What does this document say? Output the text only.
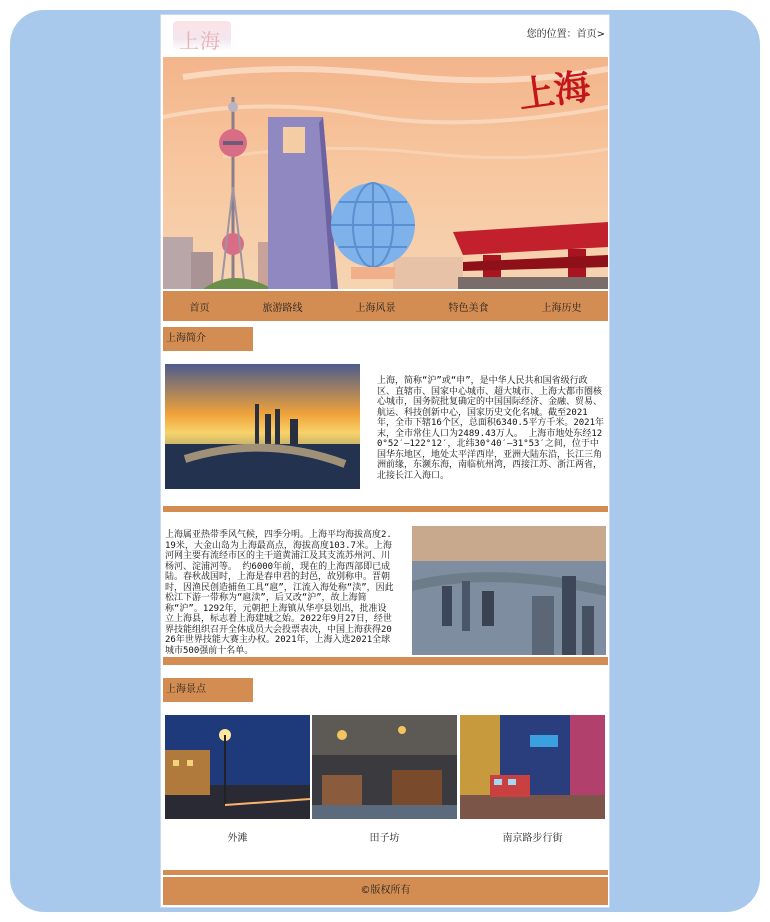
上海	您的位置：首页>
上海
首页	旅游路线	上海风景	特色美食	上海历史
上海简介
上海，简称“沪”或“申”，是中华人民共和国省级行政区、直辖市、国家中心城市、超大城市、上海大都市圈核心城市，国务院批复确定的中国国际经济、金融、贸易、航运、科技创新中心，国家历史文化名城。截至2021年，全市下辖16个区，总面积6340.5平方千米。2021年末，全市常住人口为2489.43万人。 上海市地处东经120°52′—122°12′，北纬30°40′—31°53′之间，位于中国华东地区，地处太平洋西岸，亚洲大陆东沿，长江三角洲前缘，东濒东海，南临杭州湾，西接江苏、浙江两省，北接长江入海口。
上海属亚热带季风气候，四季分明。上海平均海拔高度2.19米，大金山岛为上海最高点，海拔高度103.7米。上海河网主要有流经市区的主干道黄浦江及其支流苏州河、川杨河、淀浦河等。 约6000年前，现在的上海西部即已成陆。春秋战国时，上海是春申君的封邑，故别称申。晋朝时，因渔民创造捕鱼工具“扈”，江流入海处称“渎”，因此松江下游一带称为“扈渎”，后又改“沪”，故上海简称“沪”。1292年，元朝把上海镇从华亭县划出，批准设立上海县，标志着上海建城之始。2022年9月27日，经世界技能组织召开全体成员大会投票表决，中国上海获得2026年世界技能大赛主办权。2021年，上海入选2021全球城市500强前十名单。
上海景点
外滩	田子坊	南京路步行街
©版权所有
